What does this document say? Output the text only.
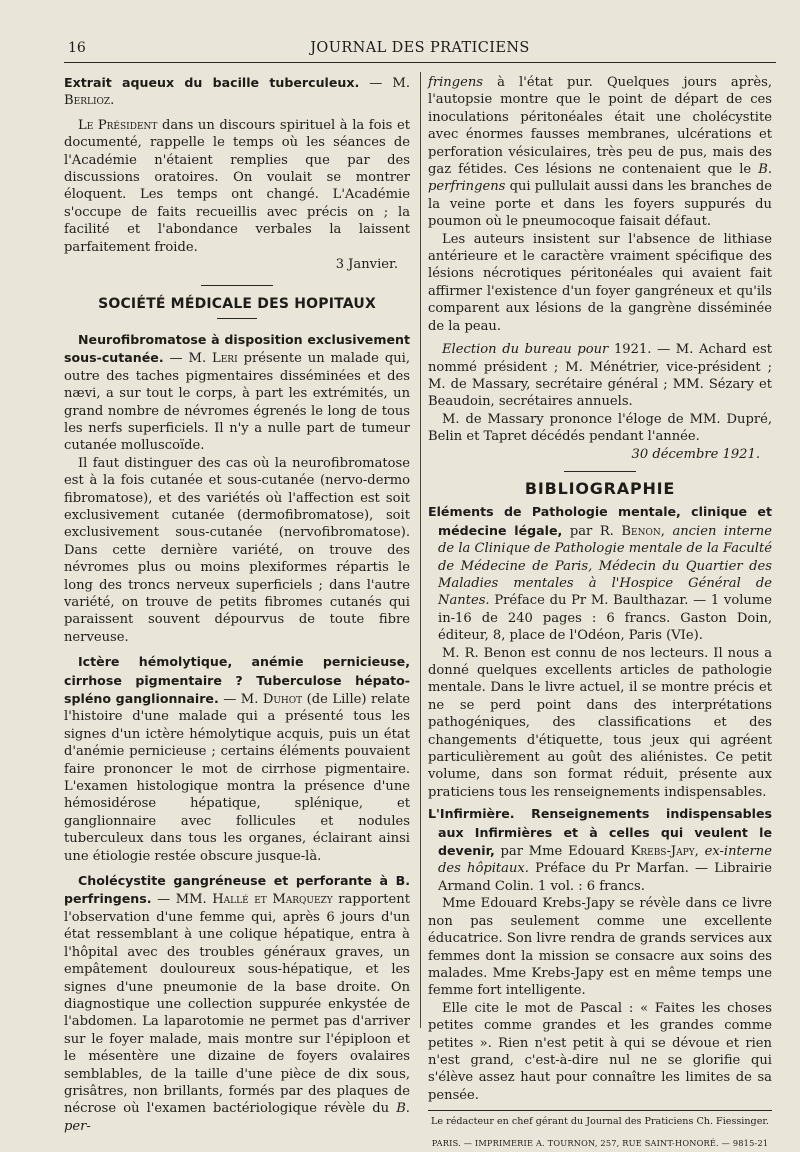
16	JOURNAL DES PRATICIENS

Extrait aqueux du bacille tuberculeux. — M. Berlioz.

Le Président dans un discours spirituel à la fois et documenté, rappelle le temps où les séances de l'Académie n'étaient remplies que par des discussions oratoires. On voulait se montrer éloquent. Les temps ont changé. L'Académie s'occupe de faits recueillis avec précis on ; la facilité et l'abondance verbales la laissent parfaitement froide.

3 Janvier.

SOCIÉTÉ MÉDICALE DES HOPITAUX

Neurofibromatose à disposition exclusivement sous-cutanée. — M. Leri présente un malade qui, outre des taches pigmentaires disséminées et des nævi, a sur tout le corps, à part les extrémités, un grand nombre de névromes égrenés le long de tous les nerfs superficiels. Il n'y a nulle part de tumeur cutanée molluscoïde.

Il faut distinguer des cas où la neurofibromatose est à la fois cutanée et sous-cutanée (nervo-dermo fibromatose), et des variétés où l'affection est soit exclusivement cutanée (dermofibromatose), soit exclusivement sous-cutanée (nervofibromatose). Dans cette dernière variété, on trouve des névromes plus ou moins plexiformes répartis le long des troncs nerveux superficiels ; dans l'autre variété, on trouve de petits fibromes cutanés qui paraissent souvent dépourvus de toute fibre nerveuse.

Ictère hémolytique, anémie pernicieuse, cirrhose pigmentaire ? Tuberculose hépato-spléno ganglionnaire. — M. Duhot (de Lille) relate l'histoire d'une malade qui a présenté tous les signes d'un ictère hémolytique acquis, puis un état d'anémie pernicieuse ; certains éléments pouvaient faire prononcer le mot de cirrhose pigmentaire. L'examen histologique montra la présence d'une hémosidérose hépatique, splénique, et ganglionnaire avec follicules et nodules tuberculeux dans tous les organes, éclairant ainsi une étiologie restée obscure jusque-là.

Cholécystite gangréneuse et perforante à B. perfringens. — MM. Hallé et Marquezy rapportent l'observation d'une femme qui, après 6 jours d'un état ressemblant à une colique hépatique, entra à l'hôpital avec des troubles généraux graves, un empâtement douloureux sous-hépatique, et les signes d'une pneumonie de la base droite. On diagnostique une collection suppurée enkystée de l'abdomen. La laparotomie ne permet pas d'arriver sur le foyer malade, mais montre sur l'épiploon et le mésentère une dizaine de foyers ovalaires semblables, de la taille d'une pièce de dix sous, grisâtres, non brillants, formés par des plaques de nécrose où l'examen bactériologique révèle du B. per-

fringens à l'état pur. Quelques jours après, l'autopsie montre que le point de départ de ces inoculations péritonéales était une cholécystite avec énormes fausses membranes, ulcérations et perforation vésiculaires, très peu de pus, mais des gaz fétides. Ces lésions ne contenaient que le B. perfringens qui pullulait aussi dans les branches de la veine porte et dans les foyers suppurés du poumon où le pneumocoque faisait défaut.

Les auteurs insistent sur l'absence de lithiase antérieure et le caractère vraiment spécifique des lésions nécrotiques péritonéales qui avaient fait affirmer l'existence d'un foyer gangréneux et qu'ils comparent aux lésions de la gangrène disséminée de la peau.

Election du bureau pour 1921. — M. Achard est nommé président ; M. Ménétrier, vice-président ; M. de Massary, secrétaire général ; MM. Sézary et Beaudoin, secrétaires annuels.

M. de Massary prononce l'éloge de MM. Dupré, Belin et Tapret décédés pendant l'année.

30 décembre 1921.

BIBLIOGRAPHIE

Eléments de Pathologie mentale, clinique et médecine légale, par R. Benon, ancien interne de la Clinique de Pathologie mentale de la Faculté de Médecine de Paris, Médecin du Quartier des Maladies mentales à l'Hospice Général de Nantes. Préface du Pr M. Baulthazar. — 1 volume in-16 de 240 pages : 6 francs. Gaston Doin, éditeur, 8, place de l'Odéon, Paris (VIe).

M. R. Benon est connu de nos lecteurs. Il nous a donné quelques excellents articles de pathologie mentale. Dans le livre actuel, il se montre précis et ne se perd point dans des interprétations pathogéniques, des classifications et des changements d'étiquette, tous jeux qui agréent particulièrement au goût des aliénistes. Ce petit volume, dans son format réduit, présente aux praticiens tous les renseignements indispensables.

L'Infirmière. Renseignements indispensables aux Infirmières et à celles qui veulent le devenir, par Mme Edouard Krebs-Japy, ex-interne des hôpitaux. Préface du Pr Marfan. — Librairie Armand Colin. 1 vol. : 6 francs.

Mme Edouard Krebs-Japy se révèle dans ce livre non pas seulement comme une excellente éducatrice. Son livre rendra de grands services aux femmes dont la mission se consacre aux soins des malades. Mme Krebs-Japy est en même temps une femme fort intelligente.

Elle cite le mot de Pascal : « Faites les choses petites comme grandes et les grandes comme petites ». Rien n'est petit à qui se dévoue et rien n'est grand, c'est-à-dire nul ne se glorifie qui s'élève assez haut pour connaître les limites de sa pensée.

Le rédacteur en chef gérant du Journal des Praticiens Ch. Fiessinger.
PARIS. — IMPRIMERIE A. TOURNON, 257, RUE SAINT-HONORÉ. — 9815-21
